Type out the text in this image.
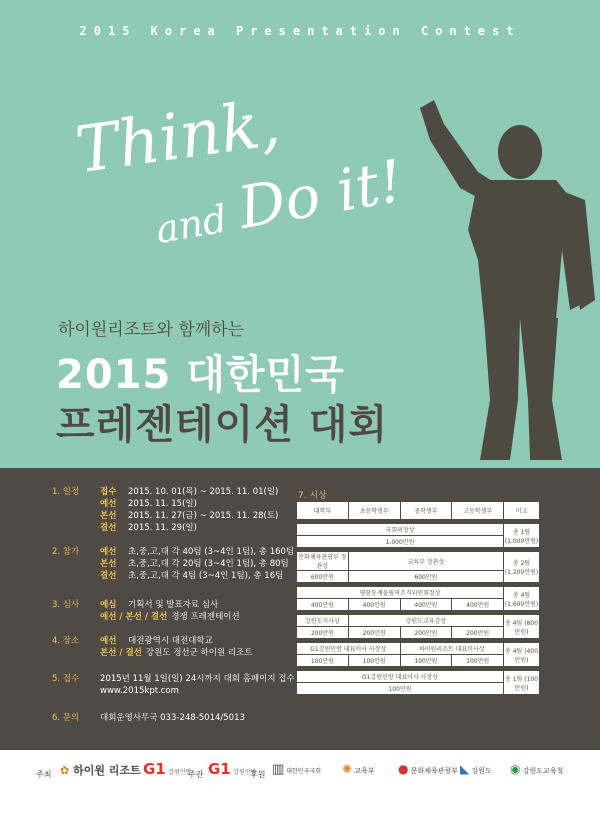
2015 Korea Presentation Contest
Think,
andDo it!
하이원리조트와 함께하는
2015 대한민국
프레젠테이션 대회
1. 일정	접수 2015. 10. 01(목) ~ 2015. 11. 01(일)
예선 2015. 11. 15(일)
본선 2015. 11. 27(금) ~ 2015. 11. 28(토)
결선 2015. 11. 29(일)
2. 참가	예선 초,중,고,대 각 40팀 (3~4인 1팀), 총 160팀
본선 초,중,고,대 각 20팀 (3~4인 1팀), 총 80팀
결선 초,중,고,대 각 4팀 (3~4인 1팀), 총 16팀
3. 심사	예심 기획서 및 발표자료 심사
예선 / 본선 / 결선 경쟁 프레젠테이션
4. 장소	예선 대전광역시 대전대학교
본선 / 결선 강원도 정선군 하이원 리조트
5. 접수	2015년 11월 1일(일) 24시까지 대회 홈페이지 접수
www.2015kpt.com
6. 문의	대회운영사무국 033-248-5014/5013
7. 시상
대학부	초등학생부	중학생부	고등학생부	비고

국회의장상				총 1팀 (1,000만원)
1,000만원				

문화체육관광부 장관상	교육부 장관상			총 2팀 (1,200만원)
600만원	600만원			

평창동계올림픽조직위원회장상				총 4팀 (1,600만원)
400만원	400만원	400만원	400만원	

강원도지사상	강원도교육감상			총 4팀 (800만원)
200만원	200만원	200만원	200만원	

G1강원민방 대표이사 사장상		하이원리조트 대표이사상		총 4팀 (400만원)
100만원	100만원	100만원	100만원	

G1강원민방 대표이사 사장상				총 1팀 (100만원)
100만원				
주최 ✿ 하이원 리조트 G1 강원민방
주관 G1 강원민방
후원 ▥ 대한민국국회 ✺ 교육부 ● 문화체육관광부 ◣ 강원도 ◉ 강원도교육청
